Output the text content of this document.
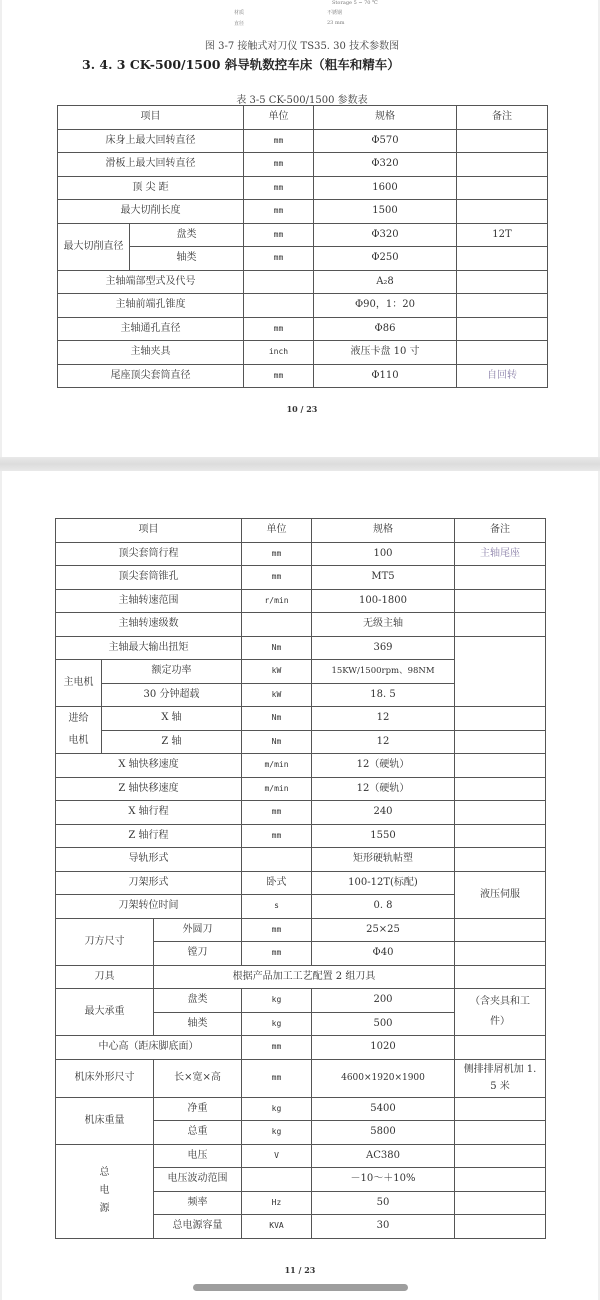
Storage 5 ~ 70 ℃
材质	不锈钢
直径	23 mm
图 3-7 接触式对刀仪 TS35. 30 技术参数图
3. 4. 3 CK-500/1500 斜导轨数控车床（粗车和精车）
表 3-5 CK-500/1500 参数表
项目		单位	规格	备注
床身上最大回转直径		mm	Φ570	
滑板上最大回转直径		mm	Φ320	
顶 尖 距		mm	1600	
最大切削长度		mm	1500	
最大切削直径	盘类	mm	Φ320	12T
	轴类	mm	Φ250	
主轴端部型式及代号			A₂8	
主轴前端孔锥度			Φ90，1：20	
主轴通孔直径		mm	Φ86	
主轴夹具		inch	液压卡盘 10 寸	
尾座顶尖套筒直径		mm	Φ110	自回转
10 / 23
项目			单位	规格	备注
顶尖套筒行程			mm	100	主轴尾座
顶尖套筒锥孔			mm	MT5	
主轴转速范围			r/min	100-1800	
主轴转速级数				无级主轴	
主轴最大输出扭矩			Nm	369	
主电机	额定功率		kW	15KW/1500rpm、98NM	
	30 分钟超载		kW	18. 5	
进给
电机	X 轴		Nm	12	
	Z 轴		Nm	12	
X 轴快移速度			m/min	12（硬轨）	
Z 轴快移速度			m/min	12（硬轨）	
X 轴行程			mm	240	
Z 轴行程			mm	1550	
导轨形式				矩形硬轨帖塑	
刀架形式			卧式	100-12T(标配)	液压伺服
刀架转位时间			s	0. 8	
刀方尺寸		外圆刀	mm	25×25	
		镗刀	mm	Φ40	
刀具		根据产品加工工艺配置 2 组刀具			
最大承重		盘类	kg	200	（含夹具和工件）
		轴类	kg	500	
中心高（距床脚底面）			mm	1020	
机床外形尺寸		长×宽×高	mm	4600×1920×1900	侧排排屑机加 1. 5 米
机床重量		净重	kg	5400	
		总重	kg	5800	
总
电
源		电压	V	AC380	
		电压波动范围		－10～＋10%	
		频率	Hz	50	
		总电源容量	KVA	30	
11 / 23
